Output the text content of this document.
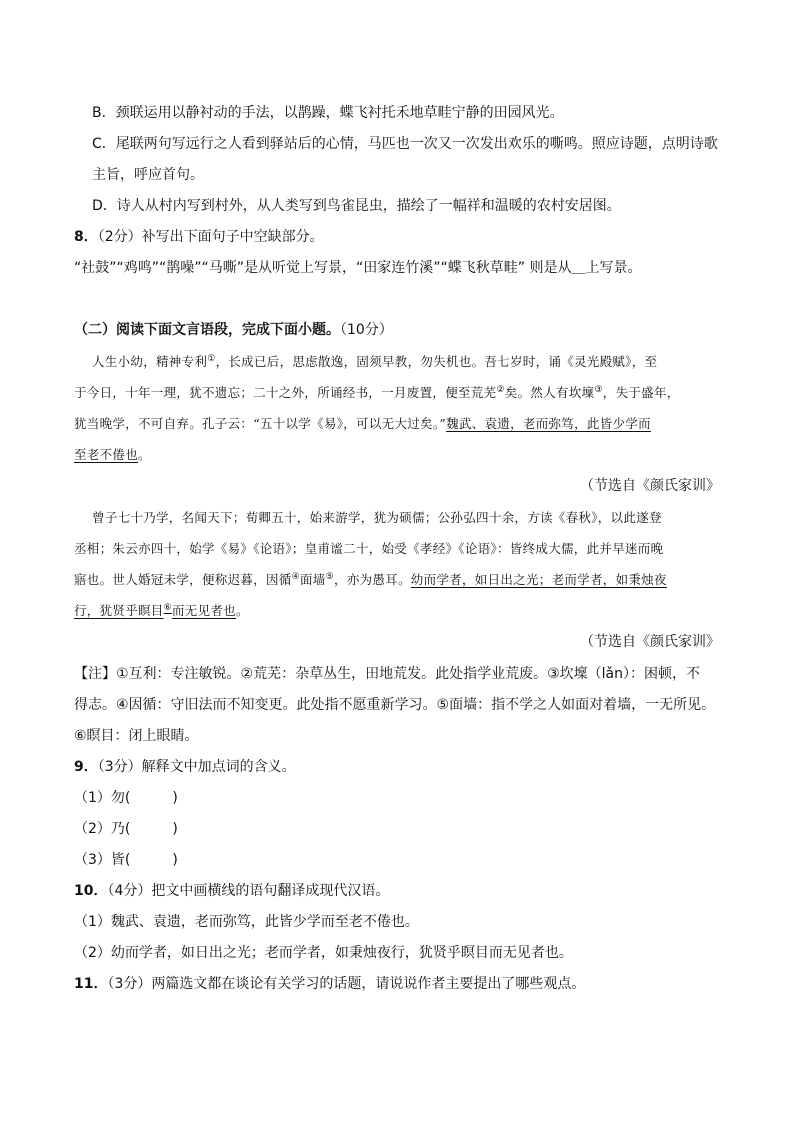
B．颈联运用以静衬动的手法，以鹊躁，蝶飞衬托禾地草畦宁静的田园风光。
C．尾联两句写远行之人看到驿站后的心情，马匹也一次又一次发出欢乐的嘶鸣。照应诗题，点明诗歌
主旨，呼应首句。
D．诗人从村内写到村外，从人类写到鸟雀昆虫，描绘了一幅祥和温暖的农村安居图。
8．（2分）补写出下面句子中空缺部分。
“社鼓”“鸡鸣”“鹊噪”“马嘶”是从听觉上写景，“田家连竹溪”“蝶飞秋草畦” 则是从＿上写景。
（二）阅读下面文言语段，完成下面小题。（10分）
人生小幼，精神专利①，长成已后，思虑散逸，固须早教，勿失机也。吾七岁时，诵《灵光殿赋》，至
于今日，十年一理，犹不遗忘；二十之外，所诵经书，一月废置，便至荒芜②矣。然人有坎壈③，失于盛年，
犹当晚学，不可自弃。孔子云：“五十以学《易》，可以无大过矣。”魏武、袁遗，老而弥笃，此皆少学而
至老不倦也。
（节选自《颜氏家训》
曾子七十乃学，名闻天下；荀卿五十，始来游学，犹为硕儒；公孙弘四十余，方读《春秋》，以此遂登
丞相；朱云亦四十，始学《易》《论语》；皇甫谧二十，始受《孝经》《论语》：皆终成大儒，此并早迷而晚
寤也。世人婚冠未学，便称迟暮，因循④面墙⑤，亦为愚耳。幼而学者，如日出之光；老而学者，如秉烛夜
行，犹贤乎瞑目⑥而无见者也。
（节选自《颜氏家训》
【注】①互利：专注敏锐。②荒芜：杂草丛生，田地荒发。此处指学业荒废。③坎壈（lǎn）：困顿，不
得志。④因循：守旧法而不知变更。此处指不愿重新学习。⑤面墙：指不学之人如面对着墙，一无所见。
⑥瞑目：闭上眼睛。
9．（3分）解释文中加点词的含义。
（1）勿(　　　)
（2）乃(　　　)
（3）皆(　　　)
10．（4分）把文中画横线的语句翻译成现代汉语。
（1）魏武、袁遗，老而弥笃，此皆少学而至老不倦也。
（2）幼而学者，如日出之光；老而学者，如秉烛夜行，犹贤乎瞑目而无见者也。
11．（3分）两篇选文都在谈论有关学习的话题，请说说作者主要提出了哪些观点。
